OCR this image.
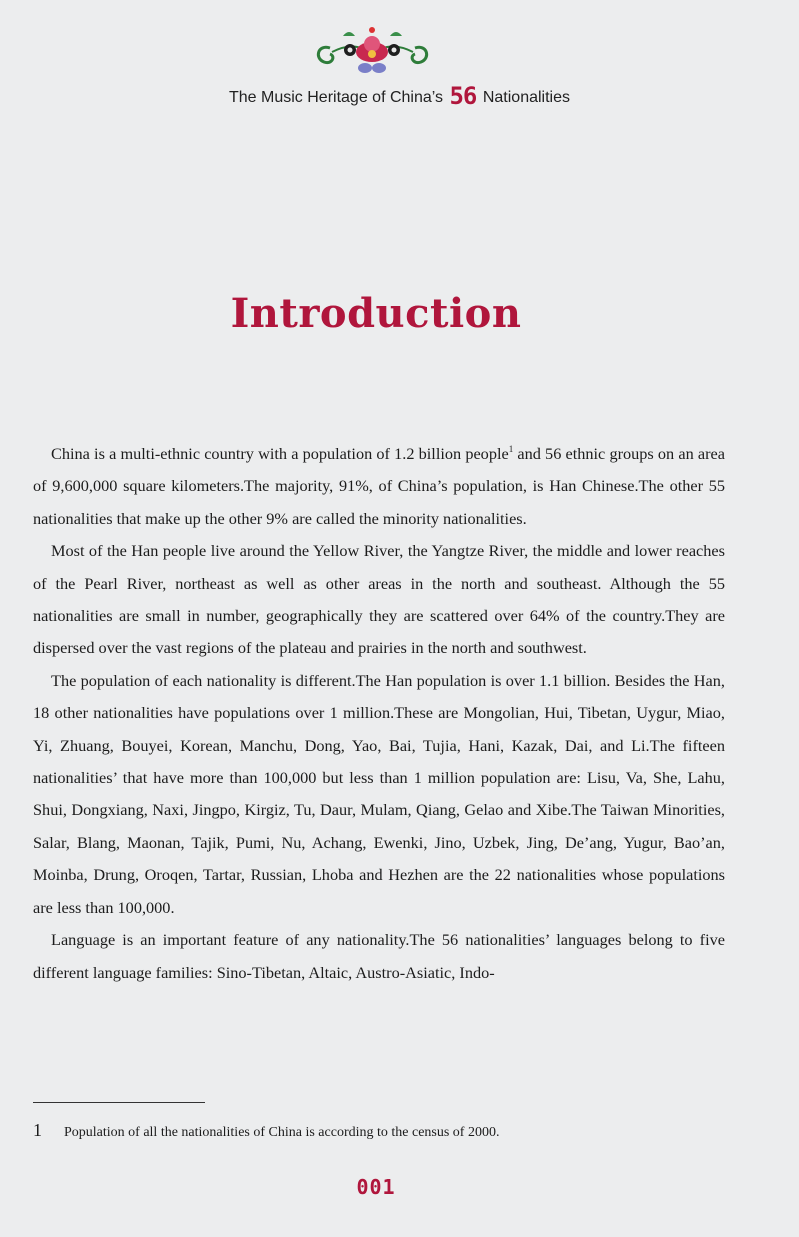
The Music Heritage of China’s 56 Nationalities
Introduction

China is a multi-ethnic country with a population of 1.2 billion people$^1$ and 56 ethnic groups on an area of 9,600,000 square kilometers.The majority, 91%, of China’s population, is Han Chinese.The other 55 nationalities that make up the other 9% are called the minority nationalities.

Most of the Han people live around the Yellow River, the Yangtze River, the middle and lower reaches of the Pearl River, northeast as well as other areas in the north and southeast. Although the 55 nationalities are small in number, geographically they are scattered over 64% of the country.They are dispersed over the vast regions of the plateau and prairies in the north and southwest.

The population of each nationality is different.The Han population is over 1.1 billion. Besides the Han, 18 other nationalities have populations over 1 million.These are Mongolian, Hui, Tibetan, Uygur, Miao, Yi, Zhuang, Bouyei, Korean, Manchu, Dong, Yao, Bai, Tujia, Hani, Kazak, Dai, and Li.The fifteen nationalities’ that have more than 100,000 but less than 1 million population are: Lisu, Va, She, Lahu, Shui, Dongxiang, Naxi, Jingpo, Kirgiz, Tu, Daur, Mulam, Qiang, Gelao and Xibe.The Taiwan Minorities, Salar, Blang, Maonan, Tajik, Pumi, Nu, Achang, Ewenki, Jino, Uzbek, Jing, De’ang, Yugur, Bao’an, Moinba, Drung, Oroqen, Tartar, Russian, Lhoba and Hezhen are the 22 nationalities whose populations are less than 100,000.

Language is an important feature of any nationality.The 56 nationalities’ languages belong to five different language families: Sino-Tibetan, Altaic, Austro-Asiatic, Indo-

1 Population of all the nationalities of China is according to the census of 2000.
001
